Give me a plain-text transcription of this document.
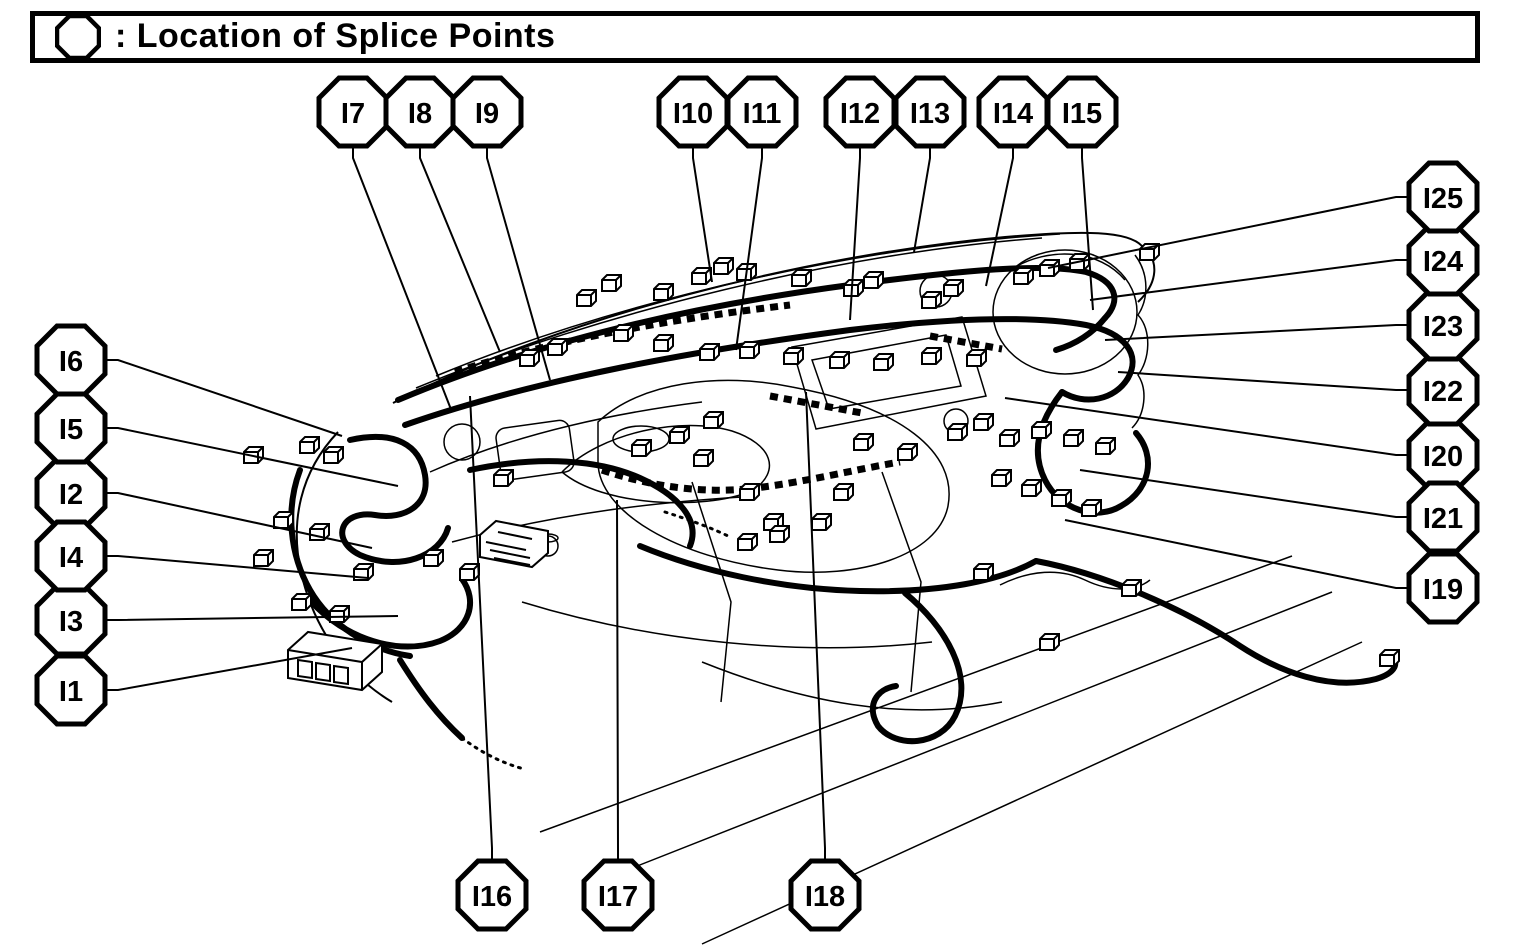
: Location of Splice Points
I1
I2
I3
I4
I5
I6
I7 I8 I9	I10 I11 I12 I13 I14 I15
I16	I17	I18
I19
I20
I21
I22
I23
I24
I25
